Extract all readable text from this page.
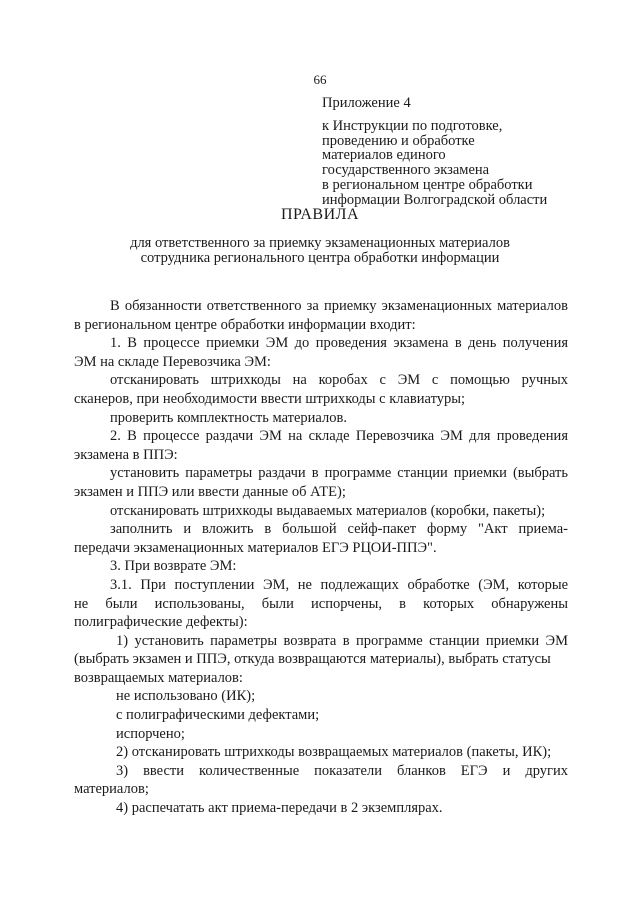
66
Приложение 4
к Инструкции по подготовке,
проведению и обработке
материалов единого
государственного экзамена
в региональном центре обработки
информации Волгоградской области
ПРАВИЛА
для ответственного за приемку экзаменационных материалов
сотрудника регионального центра обработки информации
В обязанности ответственного за приемку экзаменационных материалов
в региональном центре обработки информации входит:
1. В процессе приемки ЭМ до проведения экзамена в день получения
ЭМ на складе Перевозчика ЭМ:
отсканировать штрихкоды на коробах с ЭМ с помощью ручных
сканеров, при необходимости ввести штрихкоды с клавиатуры;
проверить комплектность материалов.
2. В процессе раздачи ЭМ на складе Перевозчика ЭМ для проведения
экзамена в ППЭ:
установить параметры раздачи в программе станции приемки (выбрать
экзамен и ППЭ или ввести данные об АТЕ);
отсканировать штрихкоды выдаваемых материалов (коробки, пакеты);
заполнить и вложить в большой сейф-пакет форму "Акт приема-
передачи экзаменационных материалов ЕГЭ РЦОИ-ППЭ".
3. При возврате ЭМ:
3.1. При поступлении ЭМ, не подлежащих обработке (ЭМ, которые
не были использованы, были испорчены, в которых обнаружены
полиграфические дефекты):
1) установить параметры возврата в программе станции приемки ЭМ
(выбрать экзамен и ППЭ, откуда возвращаются материалы), выбрать статусы
возвращаемых материалов:
не использовано (ИК);
с полиграфическими дефектами;
испорчено;
2) отсканировать штрихкоды возвращаемых материалов (пакеты, ИК);
3) ввести количественные показатели бланков ЕГЭ и других
материалов;
4) распечатать акт приема-передачи в 2 экземплярах.
